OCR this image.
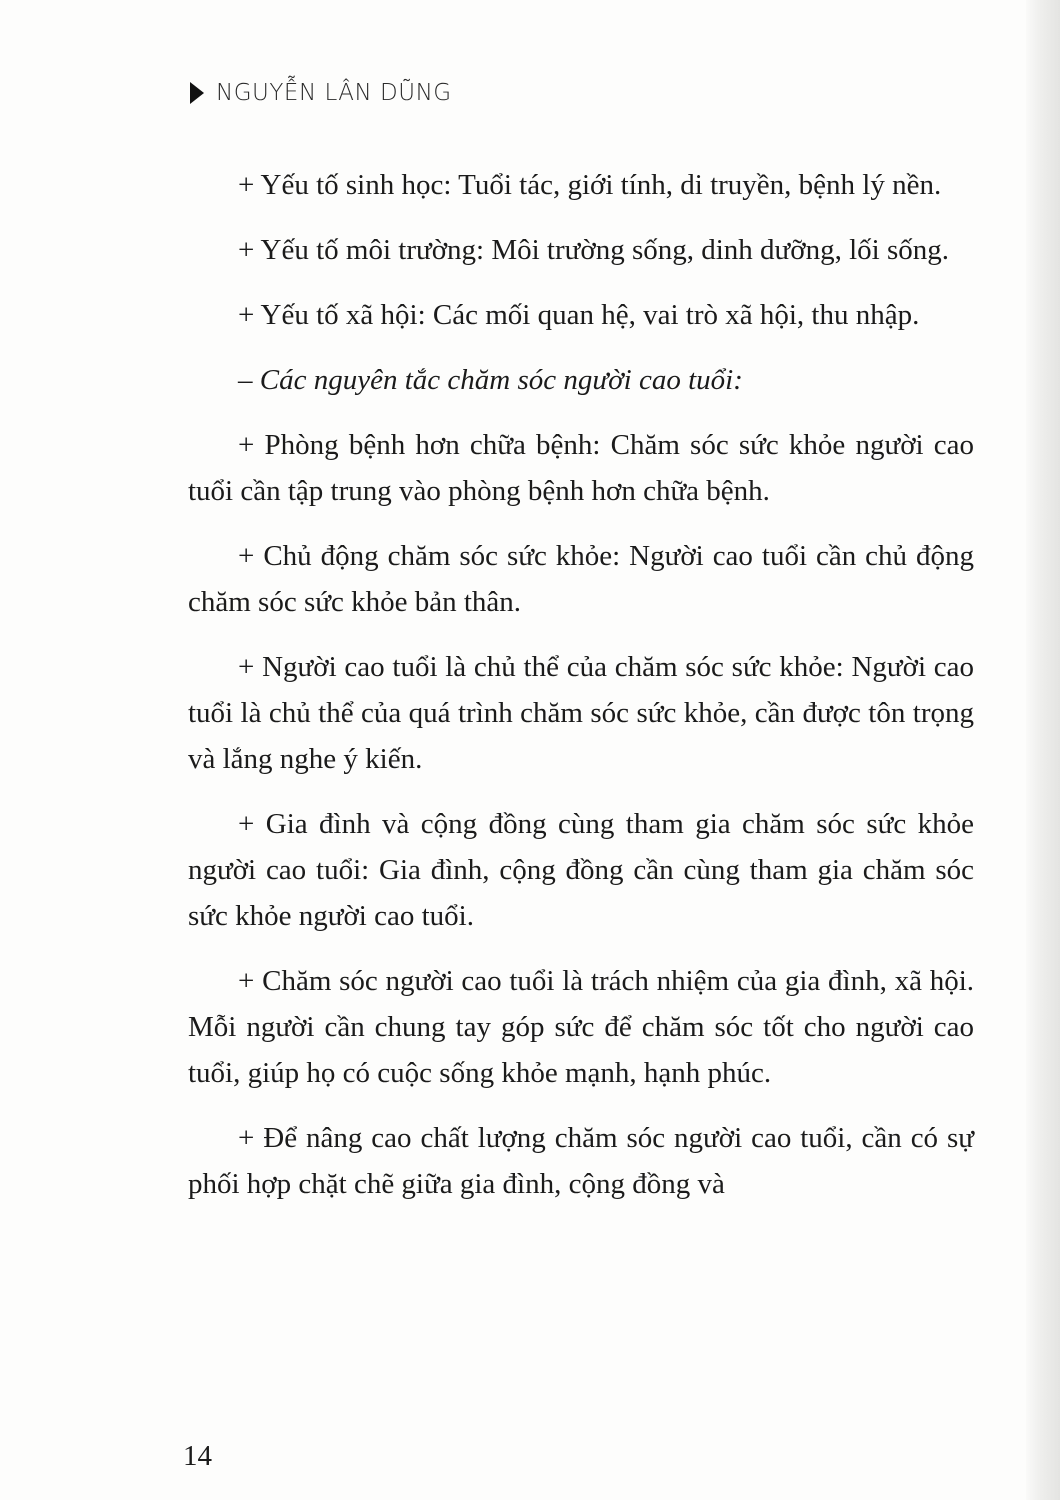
NGUYỄN LÂN DŨNG

+ Yếu tố sinh học: Tuổi tác, giới tính, di truyền, bệnh lý nền.

+ Yếu tố môi trường: Môi trường sống, dinh dưỡng, lối sống.

+ Yếu tố xã hội: Các mối quan hệ, vai trò xã hội, thu nhập.

– Các nguyên tắc chăm sóc người cao tuổi:

+ Phòng bệnh hơn chữa bệnh: Chăm sóc sức khỏe người cao tuổi cần tập trung vào phòng bệnh hơn chữa bệnh.

+ Chủ động chăm sóc sức khỏe: Người cao tuổi cần chủ động chăm sóc sức khỏe bản thân.

+ Người cao tuổi là chủ thể của chăm sóc sức khỏe: Người cao tuổi là chủ thể của quá trình chăm sóc sức khỏe, cần được tôn trọng và lắng nghe ý kiến.

+ Gia đình và cộng đồng cùng tham gia chăm sóc sức khỏe người cao tuổi: Gia đình, cộng đồng cần cùng tham gia chăm sóc sức khỏe người cao tuổi.

+ Chăm sóc người cao tuổi là trách nhiệm của gia đình, xã hội. Mỗi người cần chung tay góp sức để chăm sóc tốt cho người cao tuổi, giúp họ có cuộc sống khỏe mạnh, hạnh phúc.

+ Để nâng cao chất lượng chăm sóc người cao tuổi, cần có sự phối hợp chặt chẽ giữa gia đình, cộng đồng và

14
